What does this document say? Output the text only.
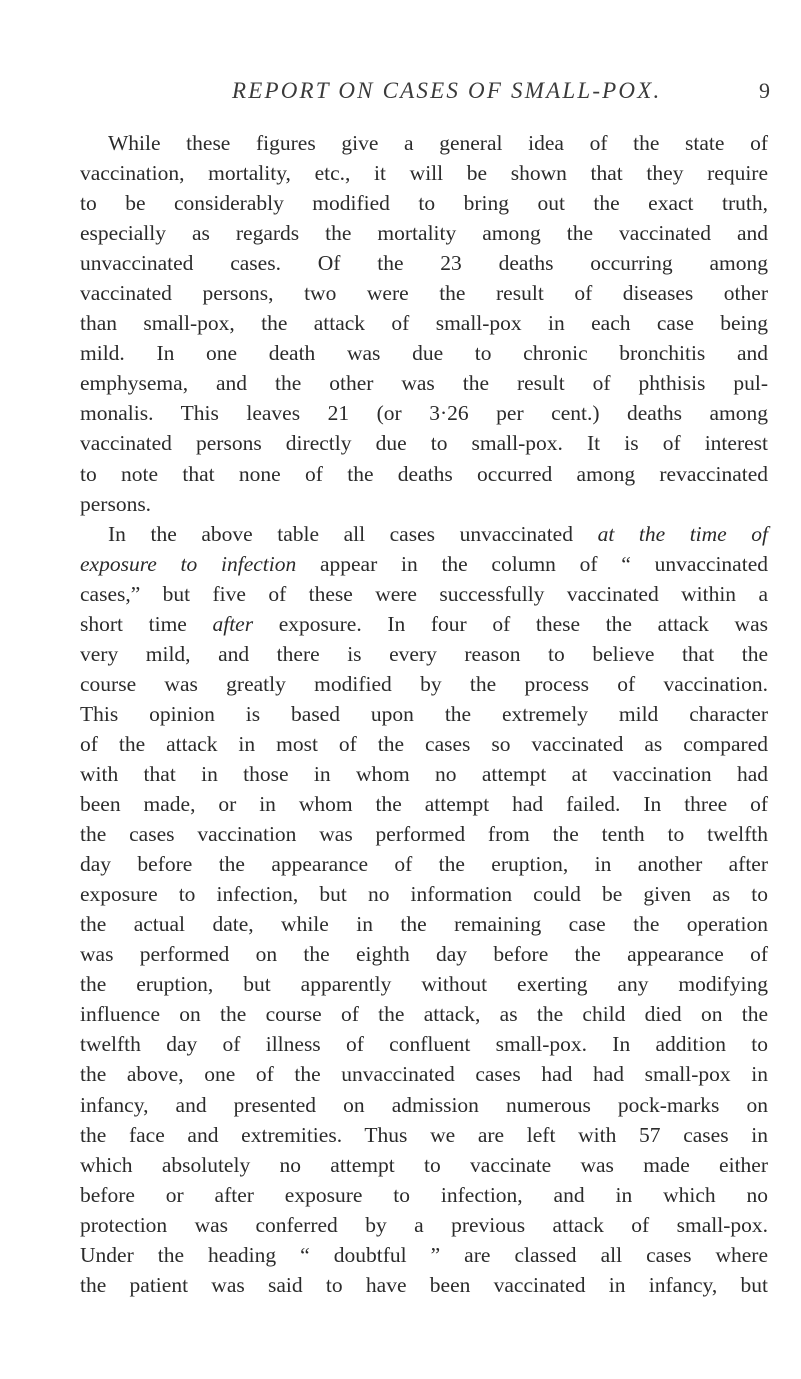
REPORT ON CASES OF SMALL-POX.	9
While these figures give a general idea of the state of
vaccination, mortality, etc., it will be shown that they require
to be considerably modified to bring out the exact truth,
especially as regards the mortality among the vaccinated and
unvaccinated cases. Of the 23 deaths occurring among
vaccinated persons, two were the result of diseases other
than small-pox, the attack of small-pox in each case being
mild. In one death was due to chronic bronchitis and
emphysema, and the other was the result of phthisis pul-
monalis. This leaves 21 (or 3·26 per cent.) deaths among
vaccinated persons directly due to small-pox. It is of interest
to note that none of the deaths occurred among revaccinated
persons.
In the above table all cases unvaccinated at the time of
exposure to infection appear in the column of “ unvaccinated
cases,” but five of these were successfully vaccinated within a
short time after exposure. In four of these the attack was
very mild, and there is every reason to believe that the
course was greatly modified by the process of vaccination.
This opinion is based upon the extremely mild character
of the attack in most of the cases so vaccinated as compared
with that in those in whom no attempt at vaccination had
been made, or in whom the attempt had failed. In three of
the cases vaccination was performed from the tenth to twelfth
day before the appearance of the eruption, in another after
exposure to infection, but no information could be given as to
the actual date, while in the remaining case the operation
was performed on the eighth day before the appearance of
the eruption, but apparently without exerting any modifying
influence on the course of the attack, as the child died on the
twelfth day of illness of confluent small-pox. In addition to
the above, one of the unvaccinated cases had had small-pox in
infancy, and presented on admission numerous pock-marks on
the face and extremities. Thus we are left with 57 cases in
which absolutely no attempt to vaccinate was made either
before or after exposure to infection, and in which no
protection was conferred by a previous attack of small-pox.
Under the heading “ doubtful ” are classed all cases where
the patient was said to have been vaccinated in infancy, but
